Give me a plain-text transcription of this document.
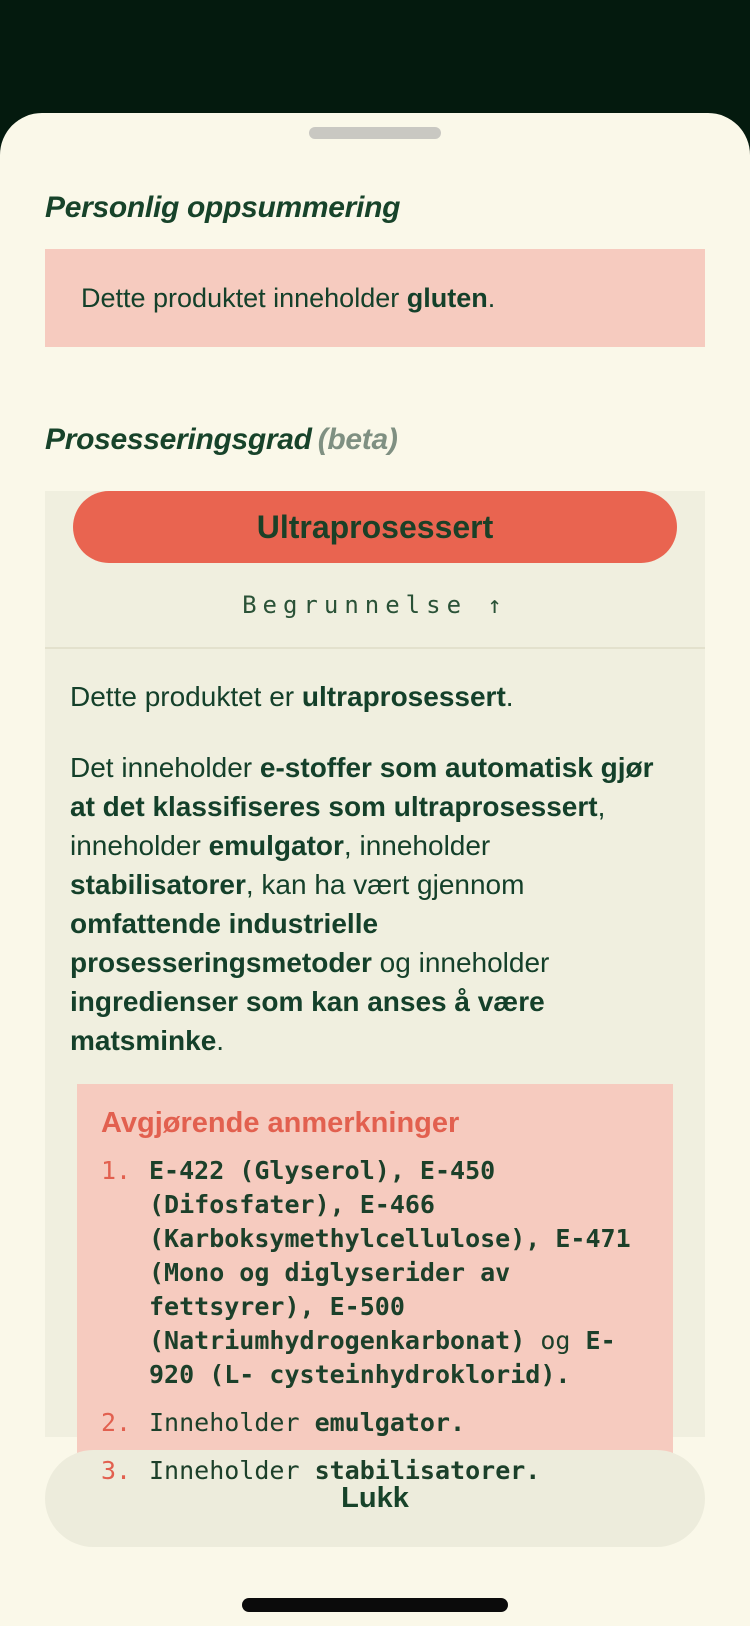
Personlig oppsummering
Dette produktet inneholder gluten.
Prosesseringsgrad (beta)
Ultraprosessert
Begrunnelse ↑

Dette produktet er ultraprosessert.

Det inneholder e-stoffer som automatisk gjør at det klassifiseres som ultraprosessert, inneholder emulgator, inneholder stabilisatorer, kan ha vært gjennom omfattende industrielle prosesseringsmetoder og inneholder ingredienser som kan anses å være matsminke.

Avgjørende anmerkninger
1. E-422 (Glyserol), E-450 (Difosfater), E-466 (Karboksymethylcellulose), E-471 (Mono og diglyserider av fettsyrer), E-500 (Natriumhydrogenkarbonat) og E-920 (L- cysteinhydroklorid).
2. Inneholder emulgator.
3. Inneholder stabilisatorer.
Lukk
